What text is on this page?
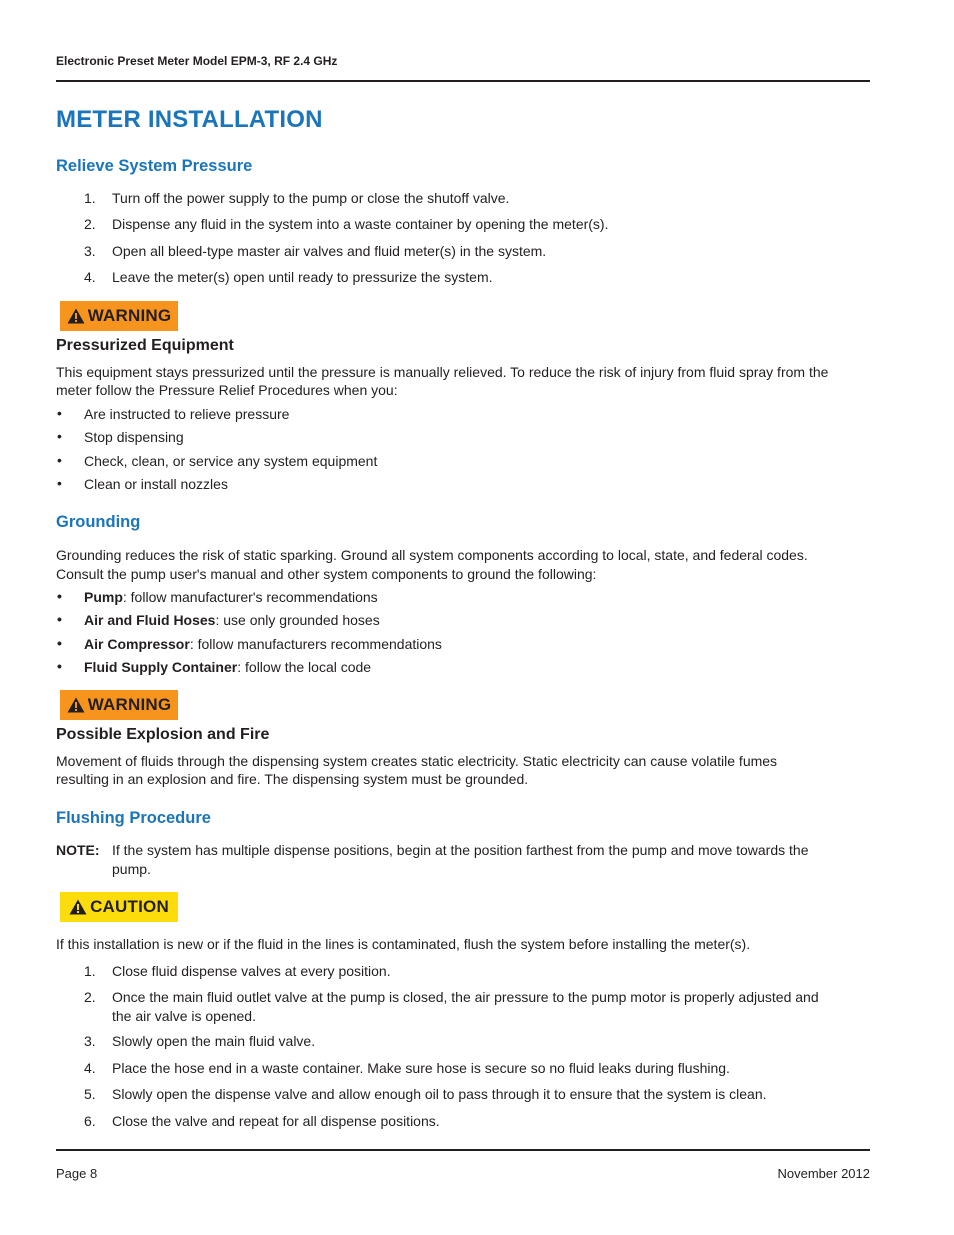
Electronic Preset Meter Model EPM-3, RF 2.4 GHz
METER INSTALLATION
Relieve System Pressure
1. Turn off the power supply to the pump or close the shutoff valve.
2. Dispense any fluid in the system into a waste container by opening the meter(s).
3. Open all bleed-type master air valves and fluid meter(s) in the system.
4. Leave the meter(s) open until ready to pressurize the system.
WARNING
Pressurized Equipment
This equipment stays pressurized until the pressure is manually relieved. To reduce the risk of injury from fluid spray from the
meter follow the Pressure Relief Procedures when you:
• Are instructed to relieve pressure
• Stop dispensing
• Check, clean, or service any system equipment
• Clean or install nozzles
Grounding
Grounding reduces the risk of static sparking. Ground all system components according to local, state, and federal codes.
Consult the pump user's manual and other system components to ground the following:
• Pump: follow manufacturer's recommendations
• Air and Fluid Hoses: use only grounded hoses
• Air Compressor: follow manufacturers recommendations
• Fluid Supply Container: follow the local code
WARNING
Possible Explosion and Fire
Movement of fluids through the dispensing system creates static electricity. Static electricity can cause volatile fumes
resulting in an explosion and fire. The dispensing system must be grounded.
Flushing Procedure
NOTE: If the system has multiple dispense positions, begin at the position farthest from the pump and move towards the
pump.
CAUTION
If this installation is new or if the fluid in the lines is contaminated, flush the system before installing the meter(s).
1. Close fluid dispense valves at every position.
2. Once the main fluid outlet valve at the pump is closed, the air pressure to the pump motor is properly adjusted and
the air valve is opened.
3. Slowly open the main fluid valve.
4. Place the hose end in a waste container. Make sure hose is secure so no fluid leaks during flushing.
5. Slowly open the dispense valve and allow enough oil to pass through it to ensure that the system is clean.
6. Close the valve and repeat for all dispense positions.
Page 8	November 2012
